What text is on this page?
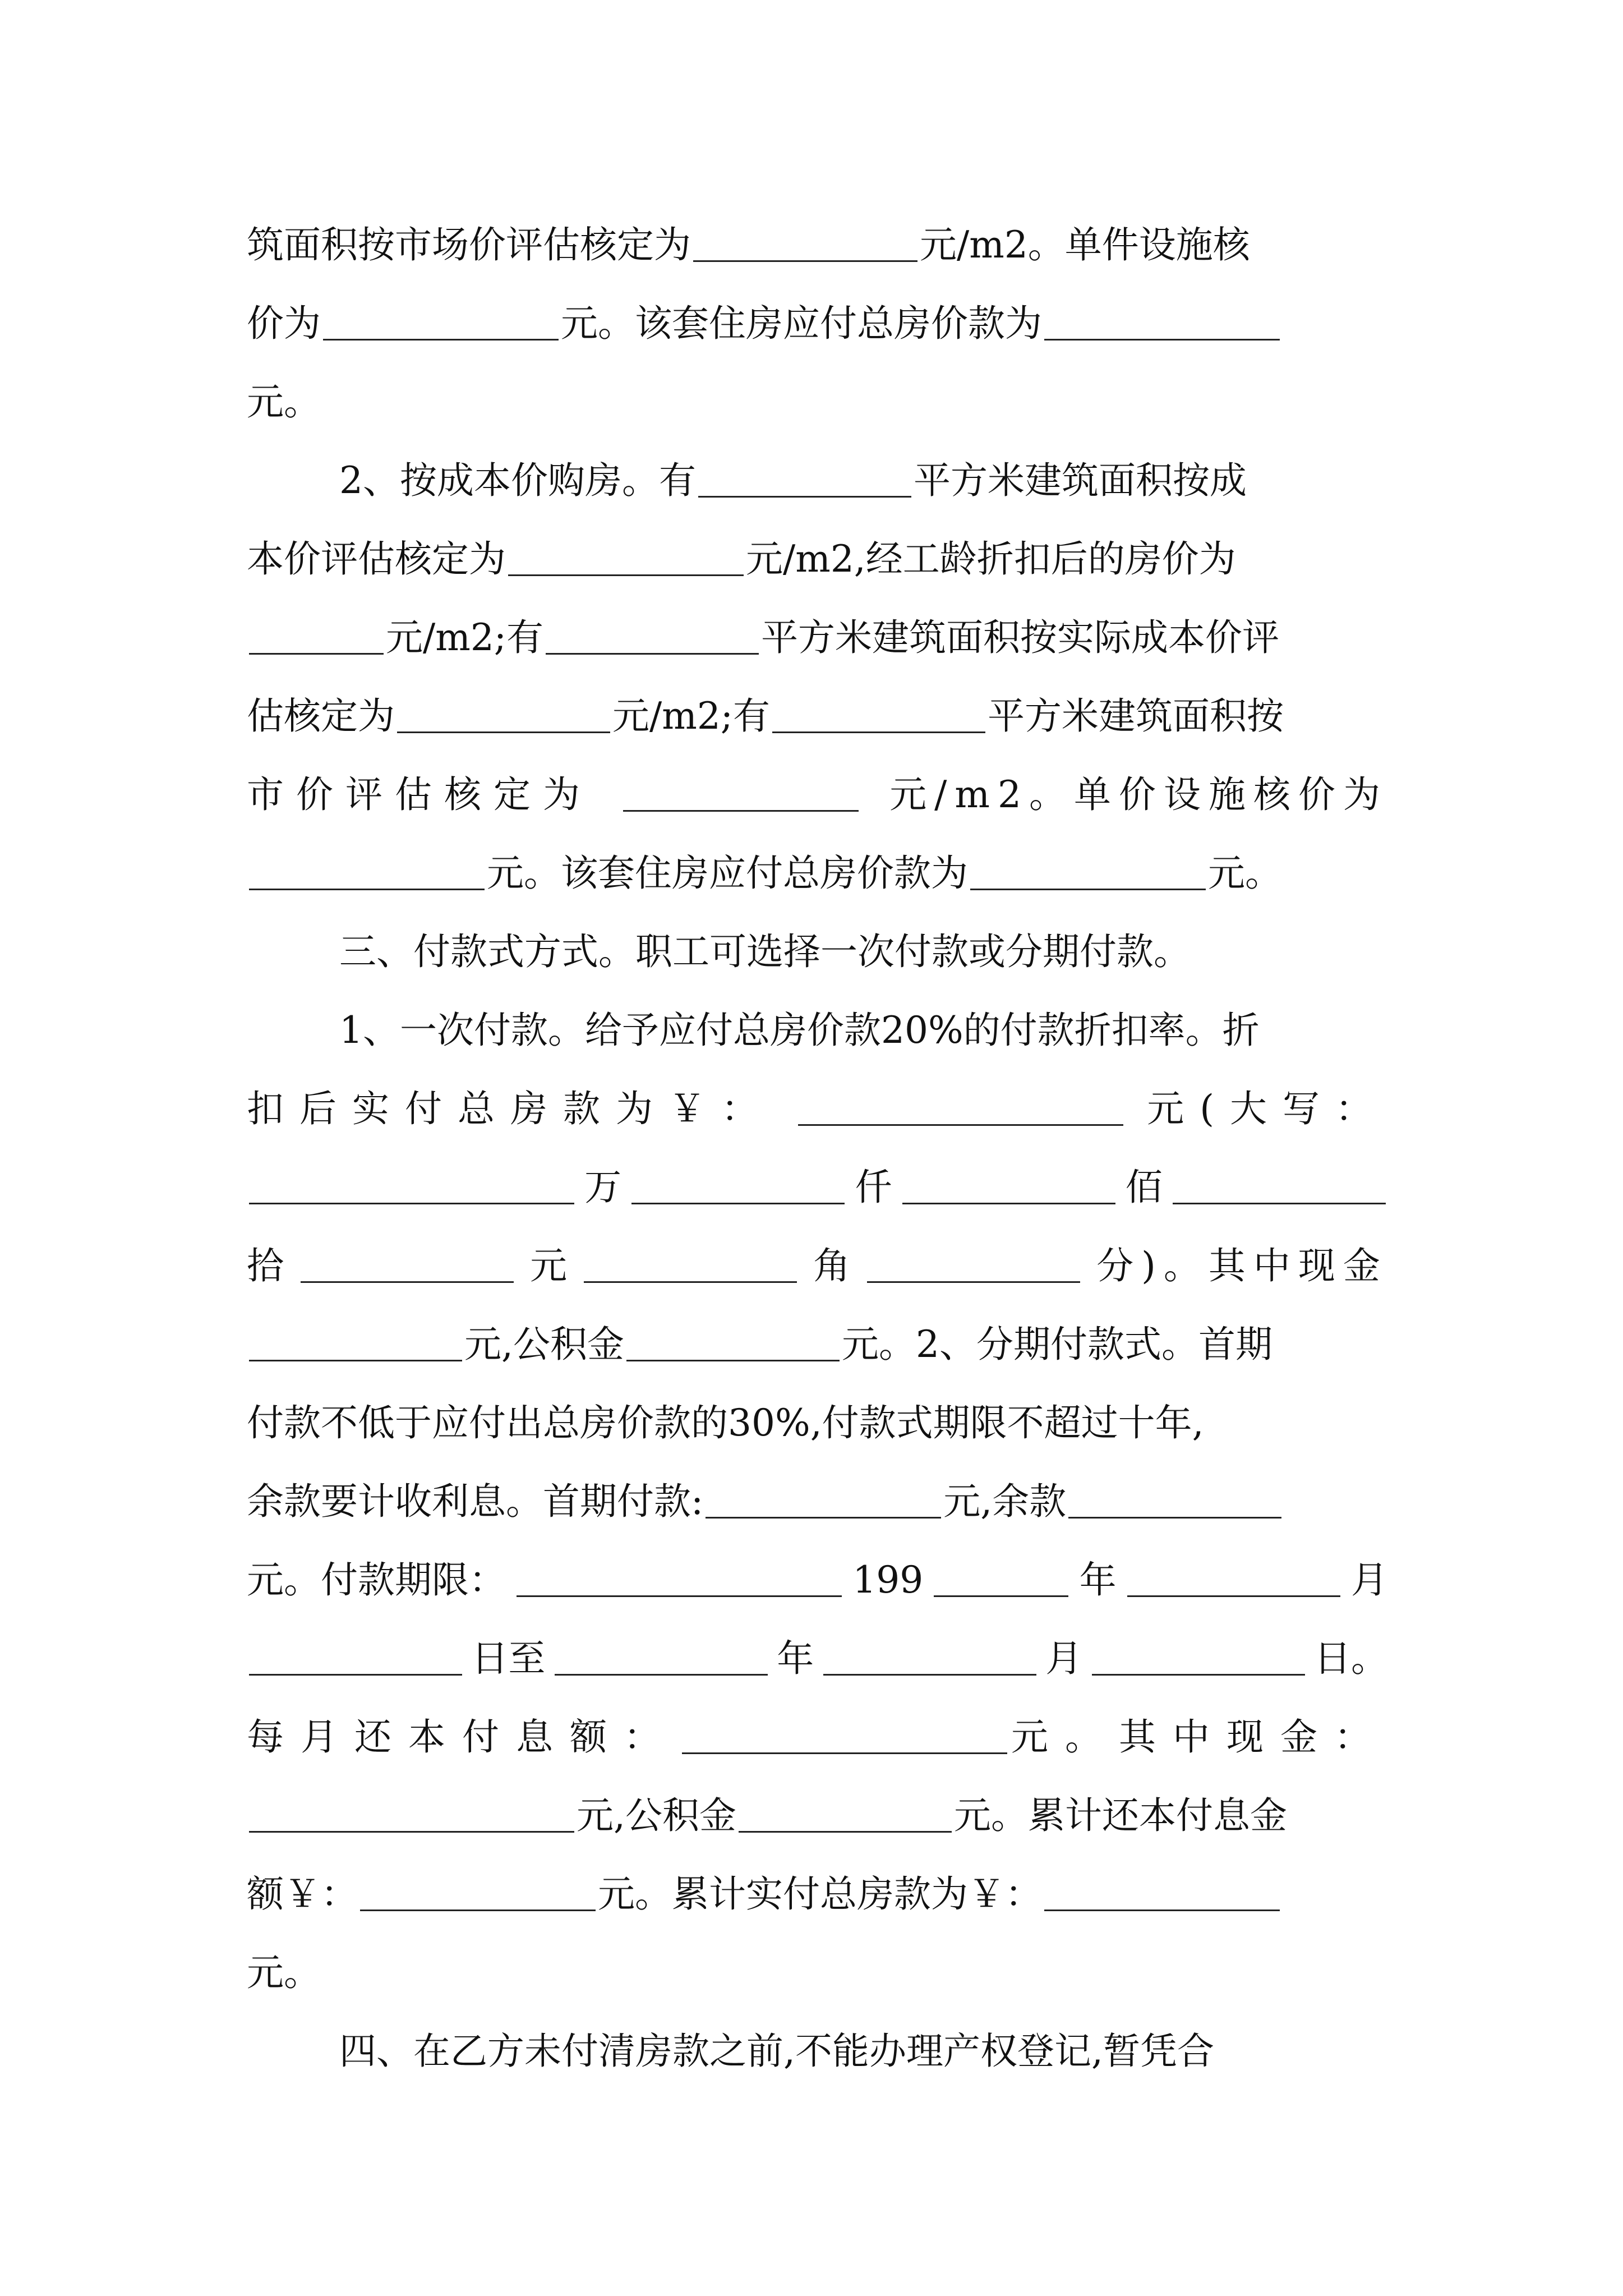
筑面积按市场价评估核定为	元/m2。单件设施核
价为	元。该套住房应付总房价款为
元。
2、按成本价购房。有	平方米建筑面积按成
本价评估核定为	元/m2,经工龄折扣后的房价为
元/m2;有	平方米建筑面积按实际成本价评
估核定为	元/m2;有	平方米建筑面积按
市价评估核定为	元/m2。单价设施核价为
元。该套住房应付总房价款为	元。
三、付款式方式。职工可选择一次付款或分期付款。
1、一次付款。给予应付总房价款20%的付款折扣率。折
扣后实付总房款为￥：	元(大写：
万	仟	佰
拾	元	角	分)。其中现金
元,公积金	元。2、分期付款式。首期
付款不低于应付出总房价款的30%,付款式期限不超过十年,
余款要计收利息。首期付款:	元,余款
元。付款期限：	199	年	月
日至	年	月	日。
每月还本付息额：	元。其中现金：
元,公积金	元。累计还本付息金
额￥：	元。累计实付总房款为￥：
元。
四、在乙方未付清房款之前,不能办理产权登记,暂凭合
